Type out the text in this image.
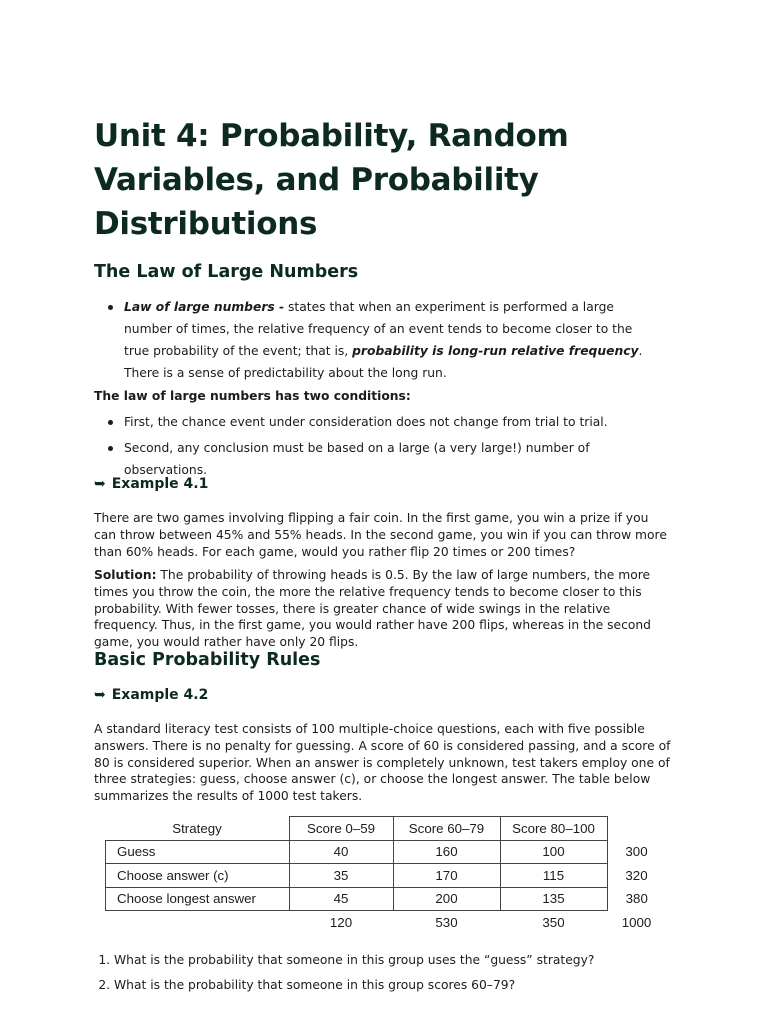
Unit 4: Probability, Random Variables, and Probability Distributions
The Law of Large Numbers
Law of large numbers - states that when an experiment is performed a large number of times, the relative frequency of an event tends to become closer to the true probability of the event; that is, probability is long-run relative frequency. There is a sense of predictability about the long run.
The law of large numbers has two conditions:
First, the chance event under consideration does not change from trial to trial.
Second, any conclusion must be based on a large (a very large!) number of observations.
➥ Example 4.1
There are two games involving flipping a fair coin. In the first game, you win a prize if you can throw between 45% and 55% heads. In the second game, you win if you can throw more than 60% heads. For each game, would you rather flip 20 times or 200 times?
Solution: The probability of throwing heads is 0.5. By the law of large numbers, the more times you throw the coin, the more the relative frequency tends to become closer to this probability. With fewer tosses, there is greater chance of wide swings in the relative frequency. Thus, in the first game, you would rather have 200 flips, whereas in the second game, you would rather have only 20 flips.
Basic Probability Rules
➥ Example 4.2
A standard literacy test consists of 100 multiple-choice questions, each with five possible answers. There is no penalty for guessing. A score of 60 is considered passing, and a score of 80 is considered superior. When an answer is completely unknown, test takers employ one of three strategies: guess, choose answer (c), or choose the longest answer. The table below summarizes the results of 1000 test takers.
Strategy	Score 0–59	Score 60–79	Score 80–100	
Guess	40	160	100	300
Choose answer (c)	35	170	115	320
Choose longest answer	45	200	135	380
	120	530	350	1000
1. What is the probability that someone in this group uses the “guess” strategy?
2. What is the probability that someone in this group scores 60–79?
